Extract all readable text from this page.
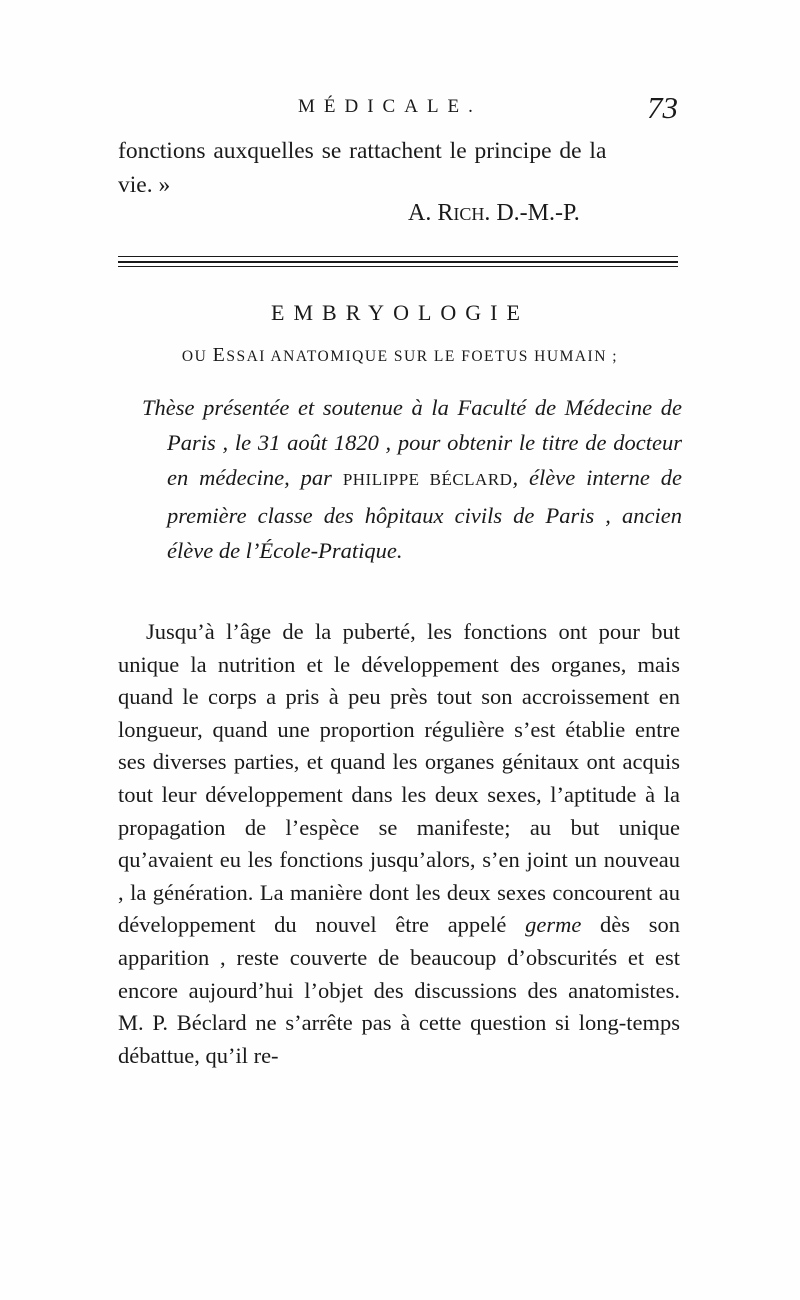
MÉDICALE.	73
fonctions auxquelles se rattachent le principe de la
vie. »
A. RICH. D.-M.-P.
EMBRYOLOGIE
OU ESSAI ANATOMIQUE SUR LE FOETUS HUMAIN ;
Thèse présentée et soutenue à la Faculté de Médecine de Paris , le 31 août 1820 , pour obtenir le titre de docteur en médecine, par PHILIPPE BÉCLARD, élève interne de première classe des hôpitaux civils de Paris , ancien élève de l’École-Pratique.
Jusqu’à l’âge de la puberté, les fonctions ont pour but unique la nutrition et le développement des organes, mais quand le corps a pris à peu près tout son accroissement en longueur, quand une proportion régulière s’est établie entre ses diverses parties, et quand les organes génitaux ont acquis tout leur développement dans les deux sexes, l’aptitude à la propagation de l’espèce se manifeste; au but unique qu’avaient eu les fonctions jusqu’alors, s’en joint un nouveau , la génération. La manière dont les deux sexes concourent au développement du nouvel être appelé germe dès son apparition , reste couverte de beaucoup d’obscurités et est encore aujourd’hui l’objet des discussions des anatomistes. M. P. Béclard ne s’arrête pas à cette question si long-temps débattue, qu’il re-
